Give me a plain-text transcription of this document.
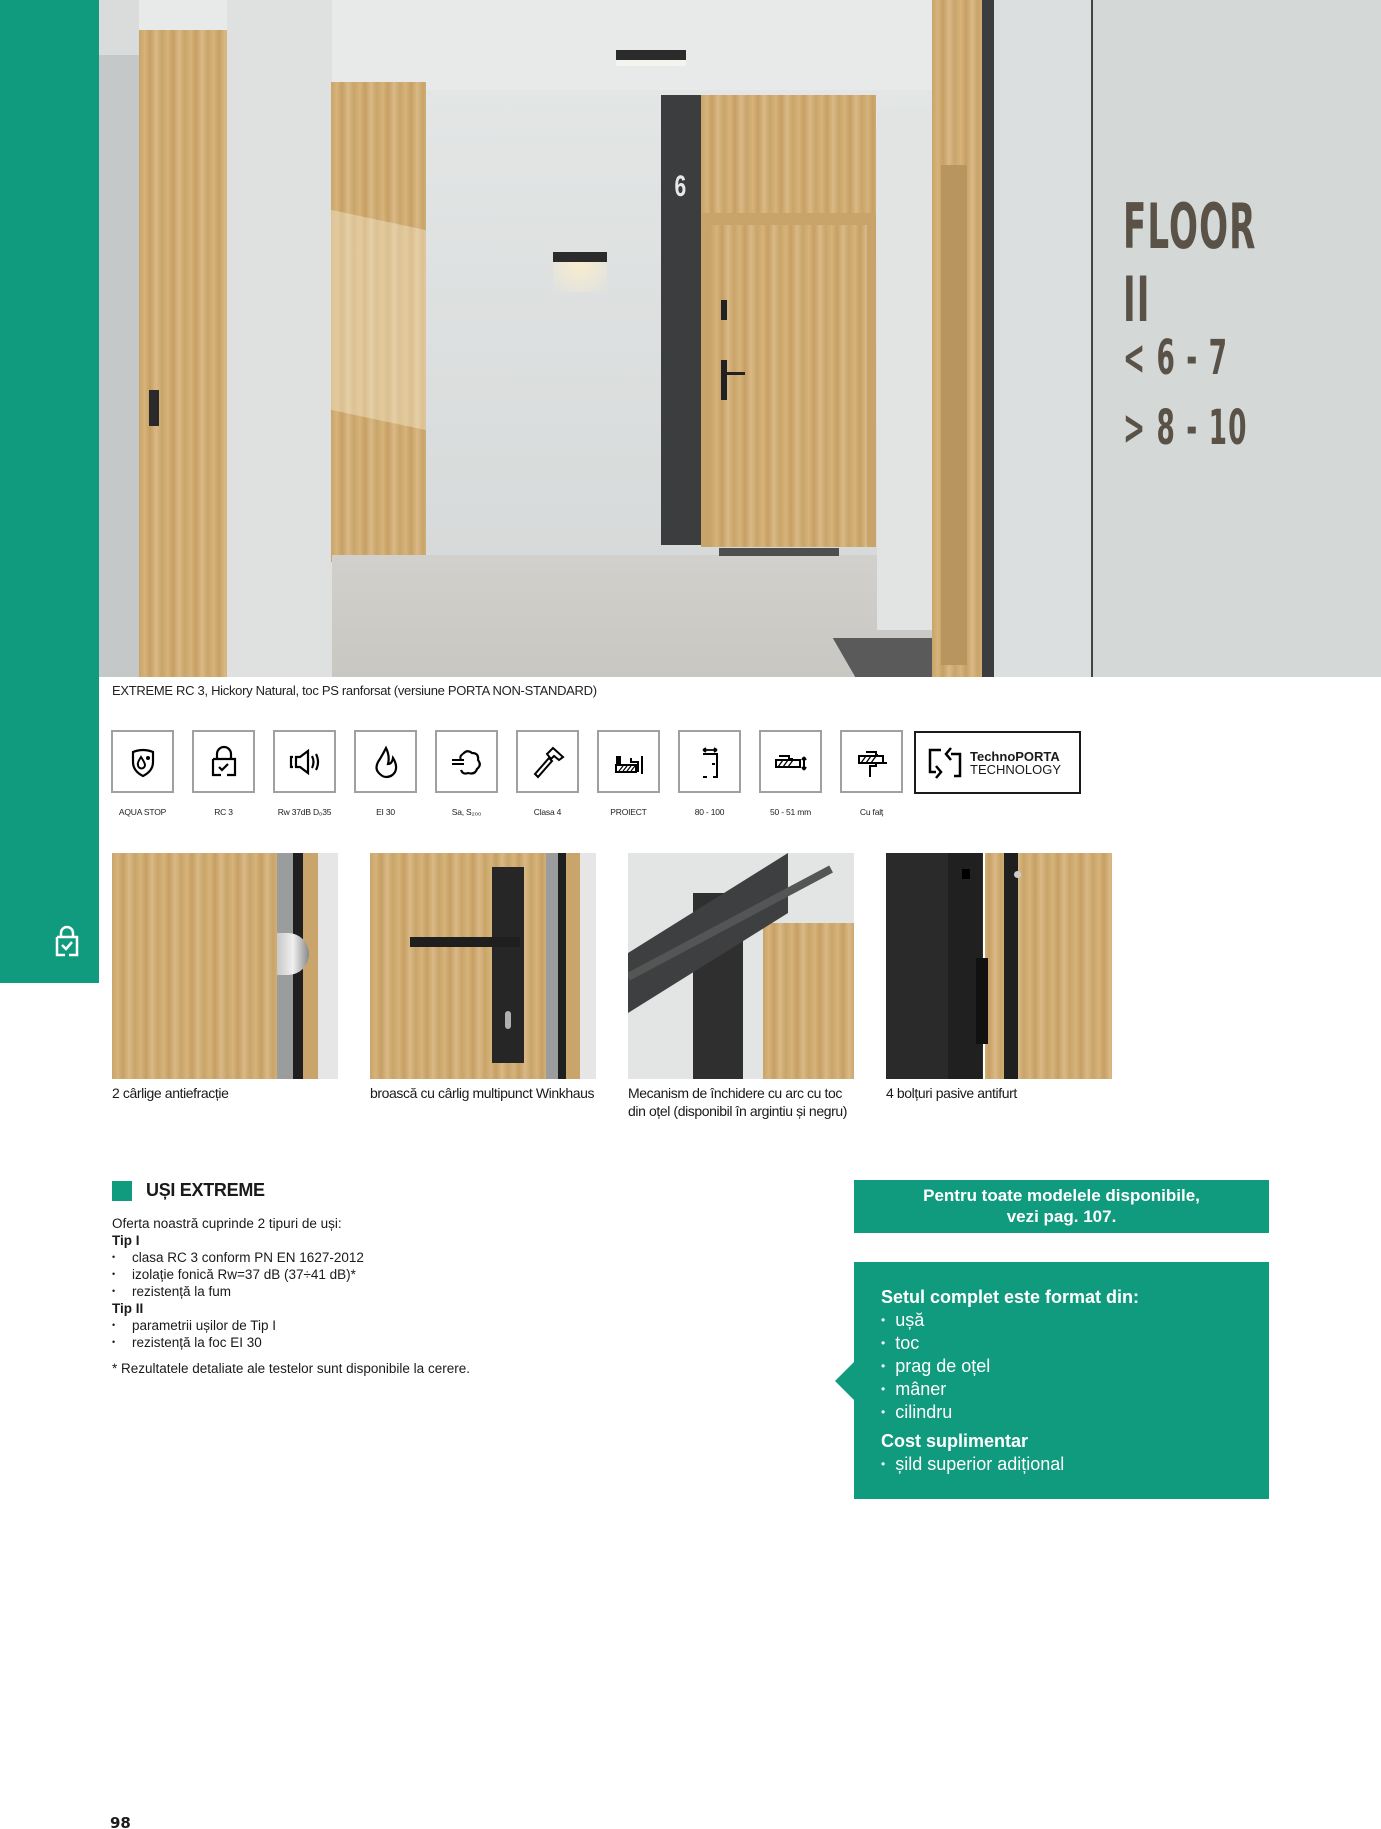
6
FLOOR II
< 6 - 7
> 8 - 10
EXTREME RC 3, Hickory Natural, toc PS ranforsat (versiune PORTA NON-STANDARD)
AQUA STOP	RC 3	Rw 37dB D₀35	EI 30	Sa, S₂₀₀	Clasa 4	PROIECT	80 - 100	50 - 51 mm	Cu falț
TechnoPORTA
TECHNOLOGY
2 cârlige antiefracție	broască cu cârlig multipunct Winkhaus Mecanism de închidere cu arc cu toc din oțel (disponibil în argintiu și negru)
4 bolțuri pasive antifurt
UȘI EXTREME
Oferta noastră cuprinde 2 tipuri de uși:
Tip I
• clasa RC 3 conform PN EN 1627-2012
• izolație fonică Rw=37 dB (37÷41 dB)*
• rezistență la fum
Tip II
• parametrii ușilor de Tip I
• rezistență la foc EI 30
* Rezultatele detaliate ale testelor sunt disponibile la cerere.
Pentru toate modelele disponibile,
vezi pag. 107.
Setul complet este format din:
• ușă
• toc
• prag de oțel
• mâner
• cilindru
Cost suplimentar
• șild superior adițional
98
